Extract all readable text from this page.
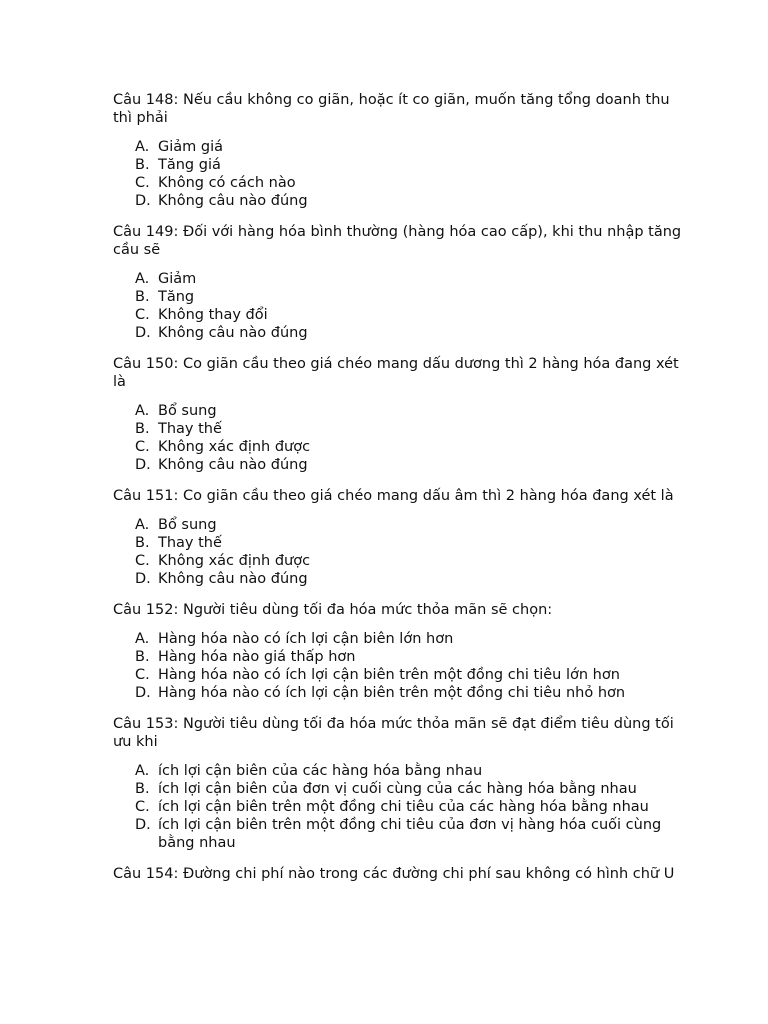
Câu 148: Nếu cầu không co giãn, hoặc ít co giãn, muốn tăng tổng doanh thu thì phải
A. Giảm giá
B. Tăng giá
C. Không có cách nào
D. Không câu nào đúng
Câu 149: Đối với hàng hóa bình thường (hàng hóa cao cấp), khi thu nhập tăng cầu sẽ
A. Giảm
B. Tăng
C. Không thay đổi
D. Không câu nào đúng
Câu 150: Co giãn cầu theo giá chéo mang dấu dương thì 2 hàng hóa đang xét là
A. Bổ sung
B. Thay thế
C. Không xác định được
D. Không câu nào đúng
Câu 151: Co giãn cầu theo giá chéo mang dấu âm thì 2 hàng hóa đang xét là
A. Bổ sung
B. Thay thế
C. Không xác định được
D. Không câu nào đúng
Câu 152: Người tiêu dùng tối đa hóa mức thỏa mãn sẽ chọn:
A. Hàng hóa nào có ích lợi cận biên lớn hơn
B. Hàng hóa nào giá thấp hơn
C. Hàng hóa nào có ích lợi cận biên trên một đồng chi tiêu lớn hơn
D. Hàng hóa nào có ích lợi cận biên trên một đồng chi tiêu nhỏ hơn
Câu 153: Người tiêu dùng tối đa hóa mức thỏa mãn sẽ đạt điểm tiêu dùng tối ưu khi
A. ích lợi cận biên của các hàng hóa bằng nhau
B. ích lợi cận biên của đơn vị cuối cùng của các hàng hóa bằng nhau
C. ích lợi cận biên trên một đồng chi tiêu của các hàng hóa bằng nhau
D. ích lợi cận biên trên một đồng chi tiêu của đơn vị hàng hóa cuối cùng bằng nhau
Câu 154: Đường chi phí nào trong các đường chi phí sau không có hình chữ U
